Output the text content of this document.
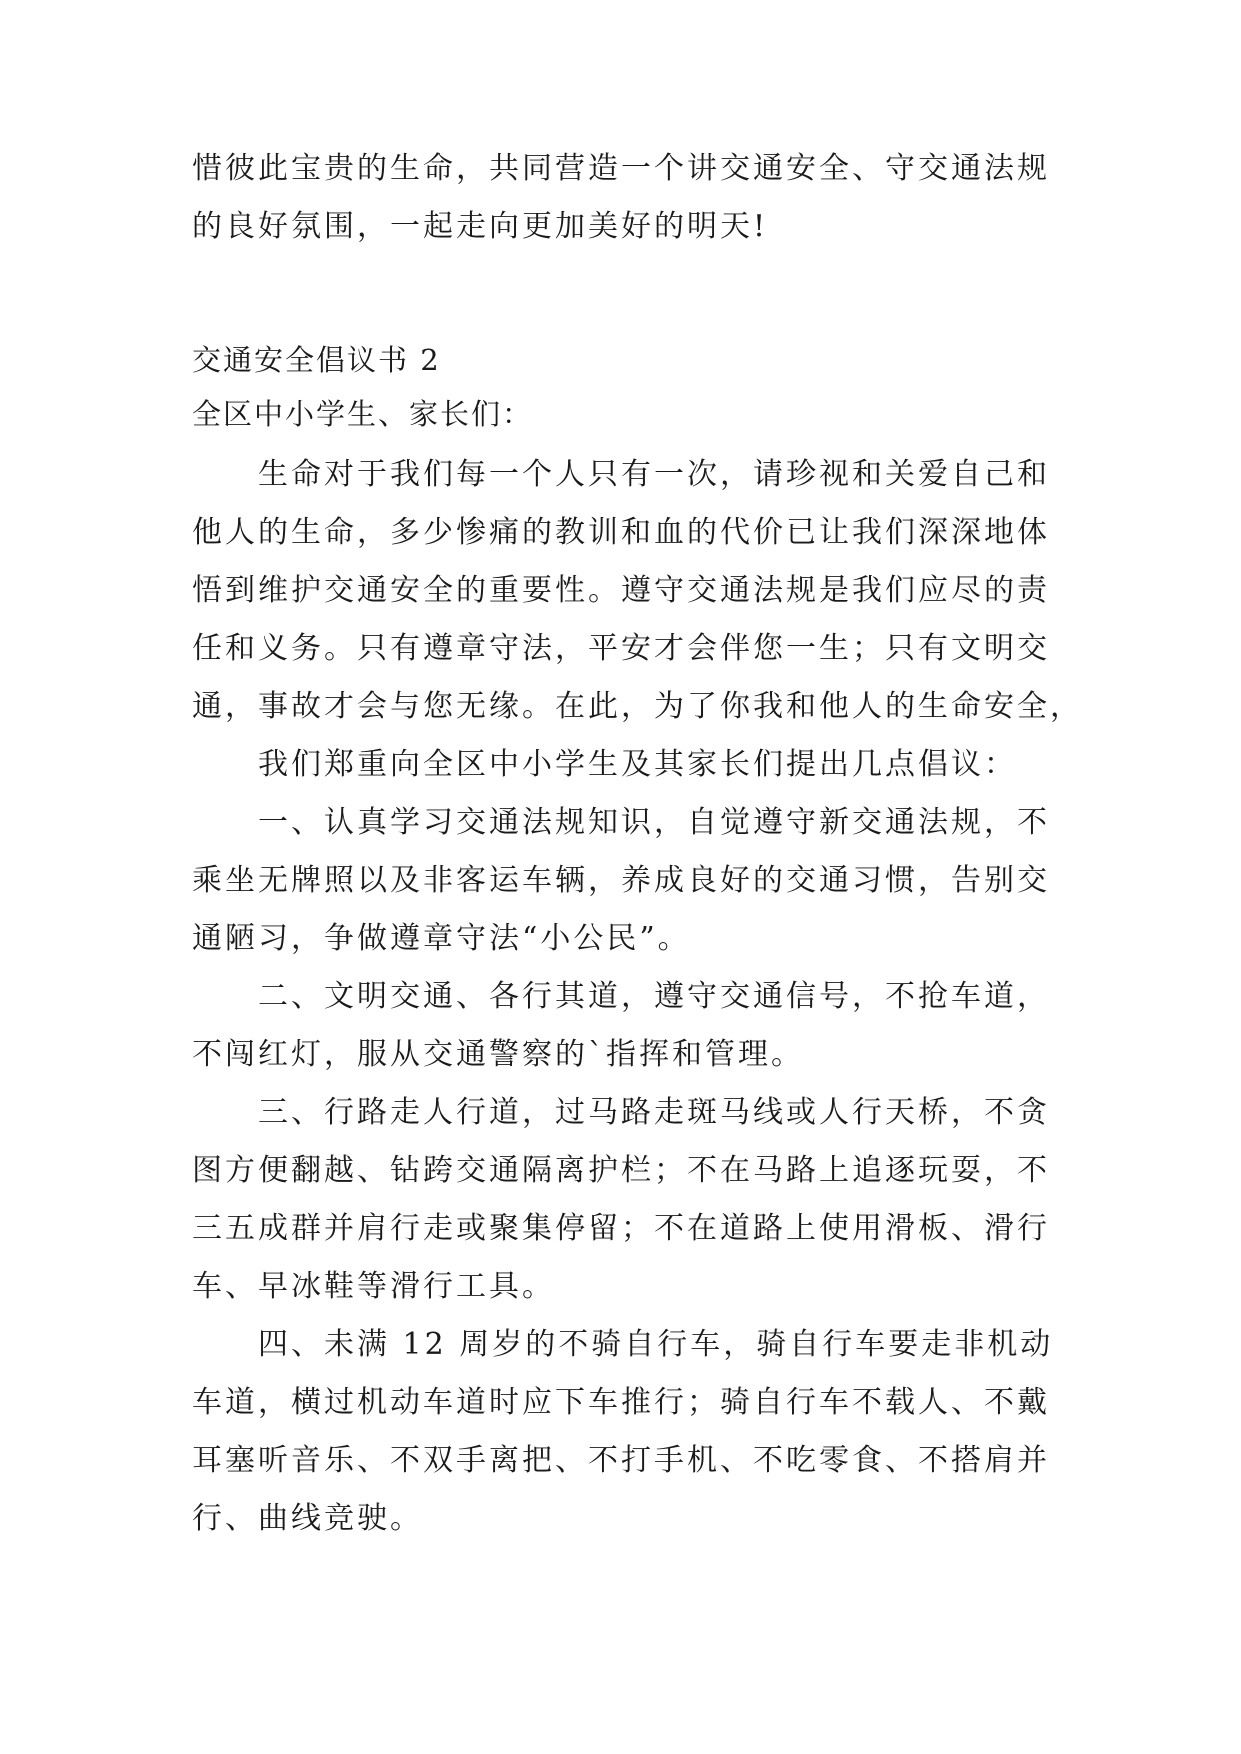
惜彼此宝贵的生命，共同营造一个讲交通安全、守交通法规
的良好氛围，一起走向更加美好的明天!
交通安全倡议书 2
全区中小学生、家长们：
　　生命对于我们每一个人只有一次，请珍视和关爱自己和
他人的生命，多少惨痛的教训和血的代价已让我们深深地体
悟到维护交通安全的重要性。遵守交通法规是我们应尽的责
任和义务。只有遵章守法，平安才会伴您一生；只有文明交
通，事故才会与您无缘。在此，为了你我和他人的生命安全，
　　我们郑重向全区中小学生及其家长们提出几点倡议：
　　一、认真学习交通法规知识，自觉遵守新交通法规，不
乘坐无牌照以及非客运车辆，养成良好的交通习惯，告别交
通陋习，争做遵章守法“小公民”。
　　二、文明交通、各行其道，遵守交通信号，不抢车道，
不闯红灯，服从交通警察的`指挥和管理。
　　三、行路走人行道，过马路走斑马线或人行天桥，不贪
图方便翻越、钻跨交通隔离护栏；不在马路上追逐玩耍，不
三五成群并肩行走或聚集停留；不在道路上使用滑板、滑行
车、早冰鞋等滑行工具。
　　四、未满 12 周岁的不骑自行车，骑自行车要走非机动
车道，横过机动车道时应下车推行；骑自行车不载人、不戴
耳塞听音乐、不双手离把、不打手机、不吃零食、不搭肩并
行、曲线竞驶。
